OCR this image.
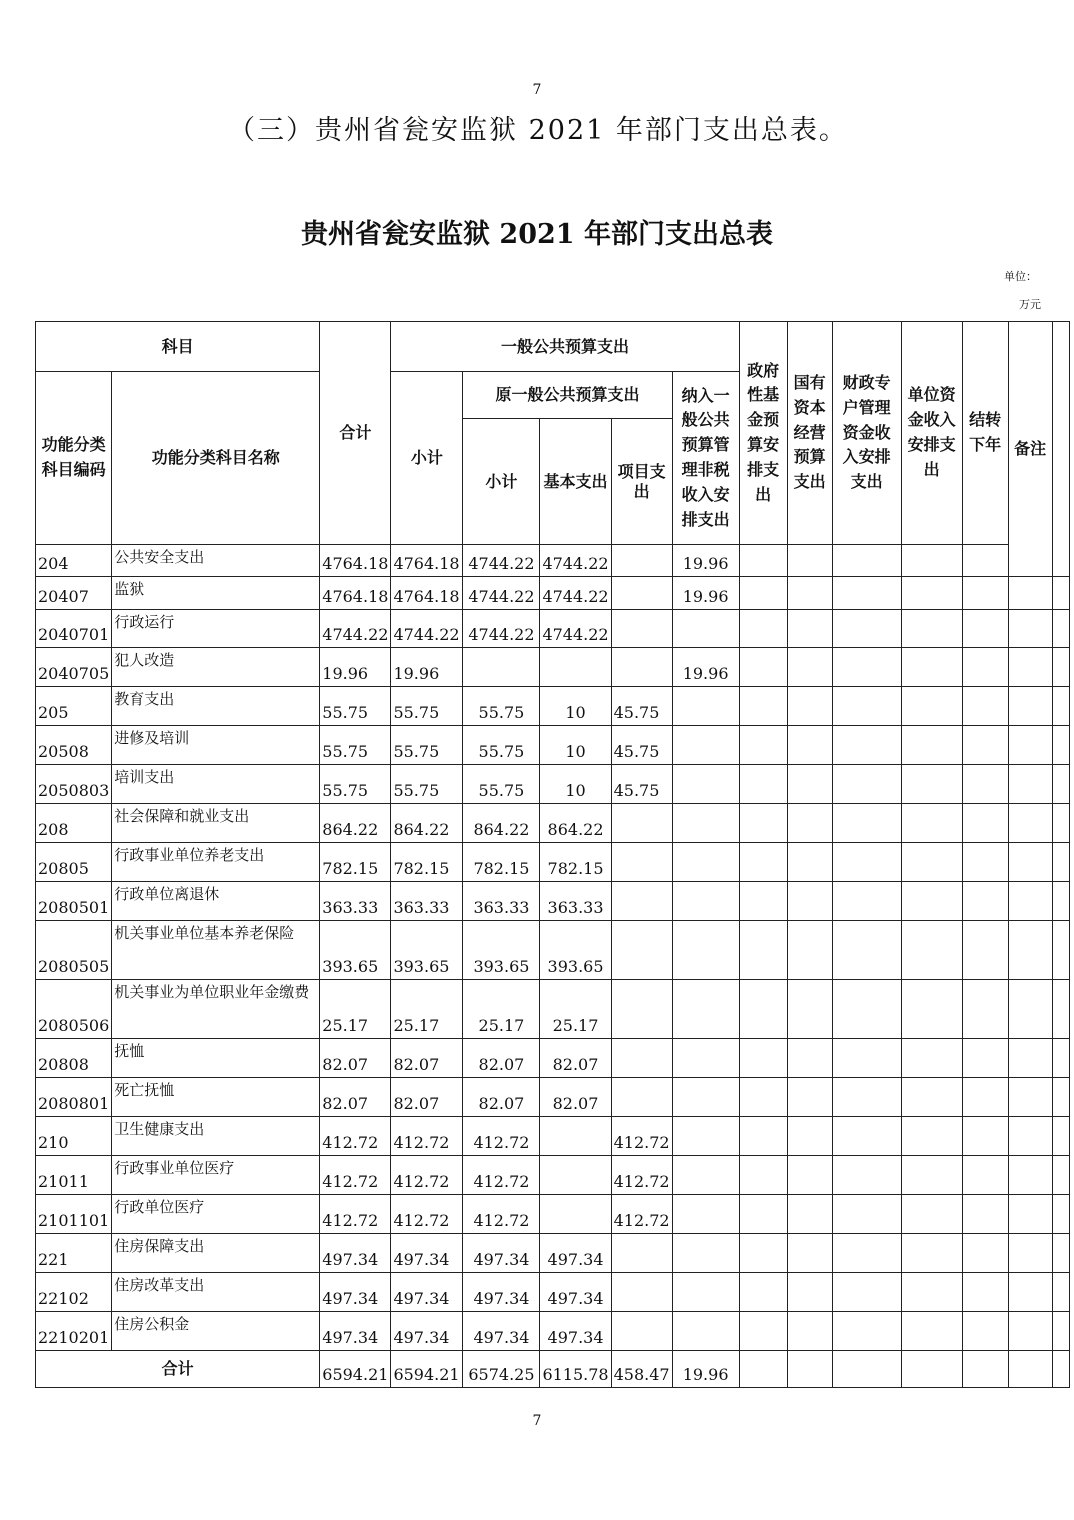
7
（三）贵州省瓮安监狱 2021 年部门支出总表。
贵州省瓮安监狱 2021 年部门支出总表
单位：
万元
科目		合计	一般公共预算支出					政府性基金预算安排支出	国有资本经营预算支出	财政专户管理资金收入安排支出	单位资金收入安排支出	结转下年	备注	
功能分类科目编码	功能分类科目名称		小计	原一般公共预算支出			纳入一般公共预算管理非税收入安排支出							
				小计	基本支出	项目支出								
204	公共安全支出	4764.18	4764.18	4744.22	4744.22		19.96							
20407	监狱	4764.18	4764.18	4744.22	4744.22		19.96							
2040701	行政运行	4744.22	4744.22	4744.22	4744.22									
2040705	犯人改造	19.96	19.96				19.96							
205	教育支出	55.75	55.75	55.75	10	45.75								
20508	进修及培训	55.75	55.75	55.75	10	45.75								
2050803	培训支出	55.75	55.75	55.75	10	45.75								
208	社会保障和就业支出	864.22	864.22	864.22	864.22									
20805	行政事业单位养老支出	782.15	782.15	782.15	782.15									
2080501	行政单位离退休	363.33	363.33	363.33	363.33									
2080505	机关事业单位基本养老保险	393.65	393.65	393.65	393.65									
2080506	机关事业为单位职业年金缴费	25.17	25.17	25.17	25.17									
20808	抚恤	82.07	82.07	82.07	82.07									
2080801	死亡抚恤	82.07	82.07	82.07	82.07									
210	卫生健康支出	412.72	412.72	412.72		412.72								
21011	行政事业单位医疗	412.72	412.72	412.72		412.72								
2101101	行政单位医疗	412.72	412.72	412.72		412.72								
221	住房保障支出	497.34	497.34	497.34	497.34									
22102	住房改革支出	497.34	497.34	497.34	497.34									
2210201	住房公积金	497.34	497.34	497.34	497.34									
合计		6594.21	6594.21	6574.25	6115.78	458.47	19.96							
7
